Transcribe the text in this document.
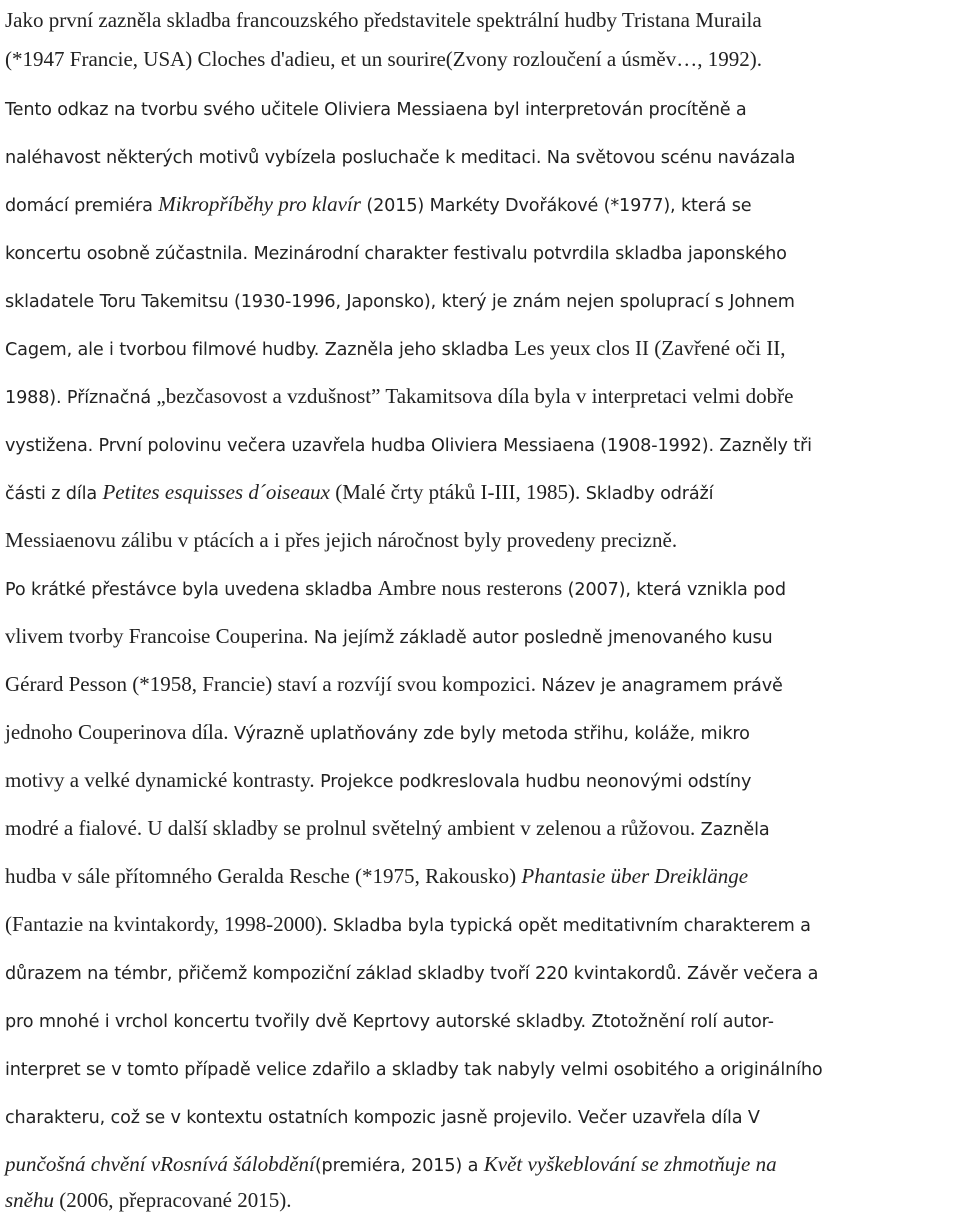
Jako první zazněla skladba francouzského představitele spektrální hudby Tristana Muraila
(*1947 Francie, USA) Cloches d'adieu, et un sourire(Zvony rozloučení a úsměv…, 1992).
Tento odkaz na tvorbu svého učitele Oliviera Messiaena byl interpretován procítěně a
naléhavost některých motivů vybízela posluchače k meditaci. Na světovou scénu navázala
domácí premiéra Mikropříběhy pro klavír (2015) Markéty Dvořákové (*1977), která se
koncertu osobně zúčastnila. Mezinárodní charakter festivalu potvrdila skladba japonského
skladatele Toru Takemitsu (1930-1996, Japonsko), který je znám nejen spoluprací s Johnem
Cagem, ale i tvorbou filmové hudby. Zazněla jeho skladba Les yeux clos II (Zavřené oči II,
1988). Příznačná „bezčasovost a vzdušnost” Takamitsova díla byla v interpretaci velmi dobře
vystižena. První polovinu večera uzavřela hudba Oliviera Messiaena (1908-1992). Zazněly tři
části z díla Petites esquisses d´oiseaux (Malé črty ptáků I-III, 1985). Skladby odráží
Messiaenovu zálibu v ptácích a i přes jejich náročnost byly provedeny precizně.
Po krátké přestávce byla uvedena skladba Ambre nous resterons (2007), která vznikla pod
vlivem tvorby Francoise Couperina. Na jejímž základě autor posledně jmenovaného kusu
Gérard Pesson (*1958, Francie) staví a rozvíjí svou kompozici. Název je anagramem právě
jednoho Couperinova díla. Výrazně uplatňovány zde byly metoda střihu, koláže, mikro
motivy a velké dynamické kontrasty. Projekce podkreslovala hudbu neonovými odstíny
modré a fialové. U další skladby se prolnul světelný ambient v zelenou a růžovou. Zazněla
hudba v sále přítomného Geralda Resche (*1975, Rakousko) Phantasie über Dreiklänge
(Fantazie na kvintakordy, 1998-2000). Skladba byla typická opět meditativním charakterem a
důrazem na témbr, přičemž kompoziční základ skladby tvoří 220 kvintakordů. Závěr večera a
pro mnohé i vrchol koncertu tvořily dvě Keprtovy autorské skladby. Ztotožnění rolí autor-
interpret se v tomto případě velice zdařilo a skladby tak nabyly velmi osobitého a originálního
charakteru, což se v kontextu ostatních kompozic jasně projevilo. Večer uzavřela díla V
punčošná chvění vRosnívá šálobdění(premiéra, 2015) a Květ vyškeblování se zhmotňuje na
sněhu (2006, přepracované 2015).
